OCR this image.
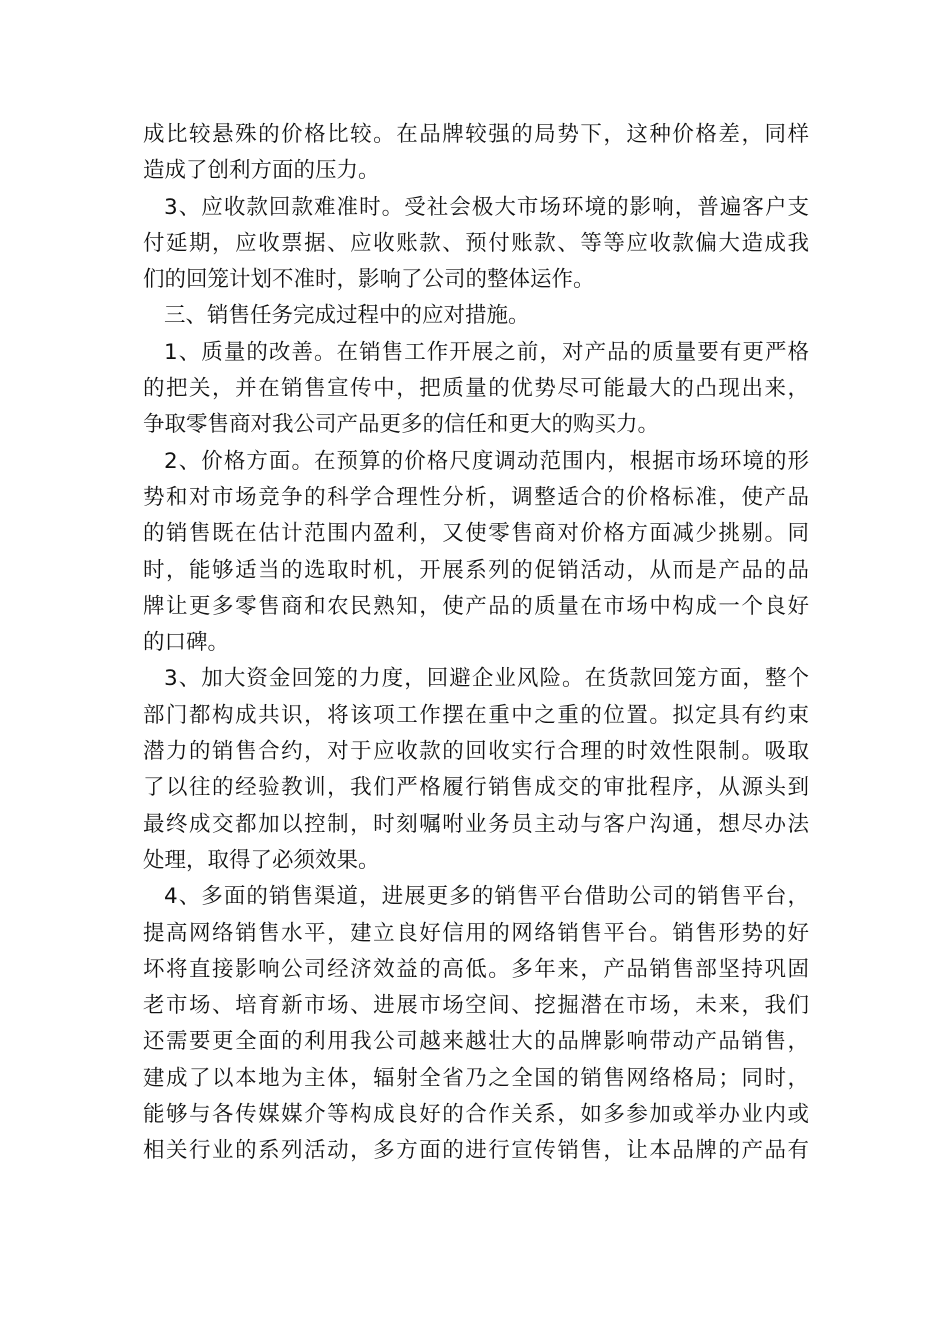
成比较悬殊的价格比较。在品牌较强的局势下，这种价格差，同样
造成了创利方面的压力。

3、应收款回款难准时。受社会极大市场环境的影响，普遍客户支
付延期，应收票据、应收账款、预付账款、等等应收款偏大造成我
们的回笼计划不准时，影响了公司的整体运作。

三、销售任务完成过程中的应对措施。

1、质量的改善。在销售工作开展之前，对产品的质量要有更严格
的把关，并在销售宣传中，把质量的优势尽可能最大的凸现出来，
争取零售商对我公司产品更多的信任和更大的购买力。

2、价格方面。在预算的价格尺度调动范围内，根据市场环境的形
势和对市场竞争的科学合理性分析，调整适合的价格标准，使产品
的销售既在估计范围内盈利，又使零售商对价格方面减少挑剔。同
时，能够适当的选取时机，开展系列的促销活动，从而是产品的品
牌让更多零售商和农民熟知，使产品的质量在市场中构成一个良好
的口碑。

3、加大资金回笼的力度，回避企业风险。在货款回笼方面，整个
部门都构成共识，将该项工作摆在重中之重的位置。拟定具有约束
潜力的销售合约，对于应收款的回收实行合理的时效性限制。吸取
了以往的经验教训，我们严格履行销售成交的审批程序，从源头到
最终成交都加以控制，时刻嘱咐业务员主动与客户沟通，想尽办法
处理，取得了必须效果。

4、多面的销售渠道，进展更多的销售平台借助公司的销售平台，
提高网络销售水平，建立良好信用的网络销售平台。销售形势的好
坏将直接影响公司经济效益的高低。多年来，产品销售部坚持巩固
老市场、培育新市场、进展市场空间、挖掘潜在市场，未来，我们
还需要更全面的利用我公司越来越壮大的品牌影响带动产品销售，
建成了以本地为主体，辐射全省乃之全国的销售网络格局；同时，
能够与各传媒媒介等构成良好的合作关系，如多参加或举办业内或
相关行业的系列活动，多方面的进行宣传销售，让本品牌的产品有
